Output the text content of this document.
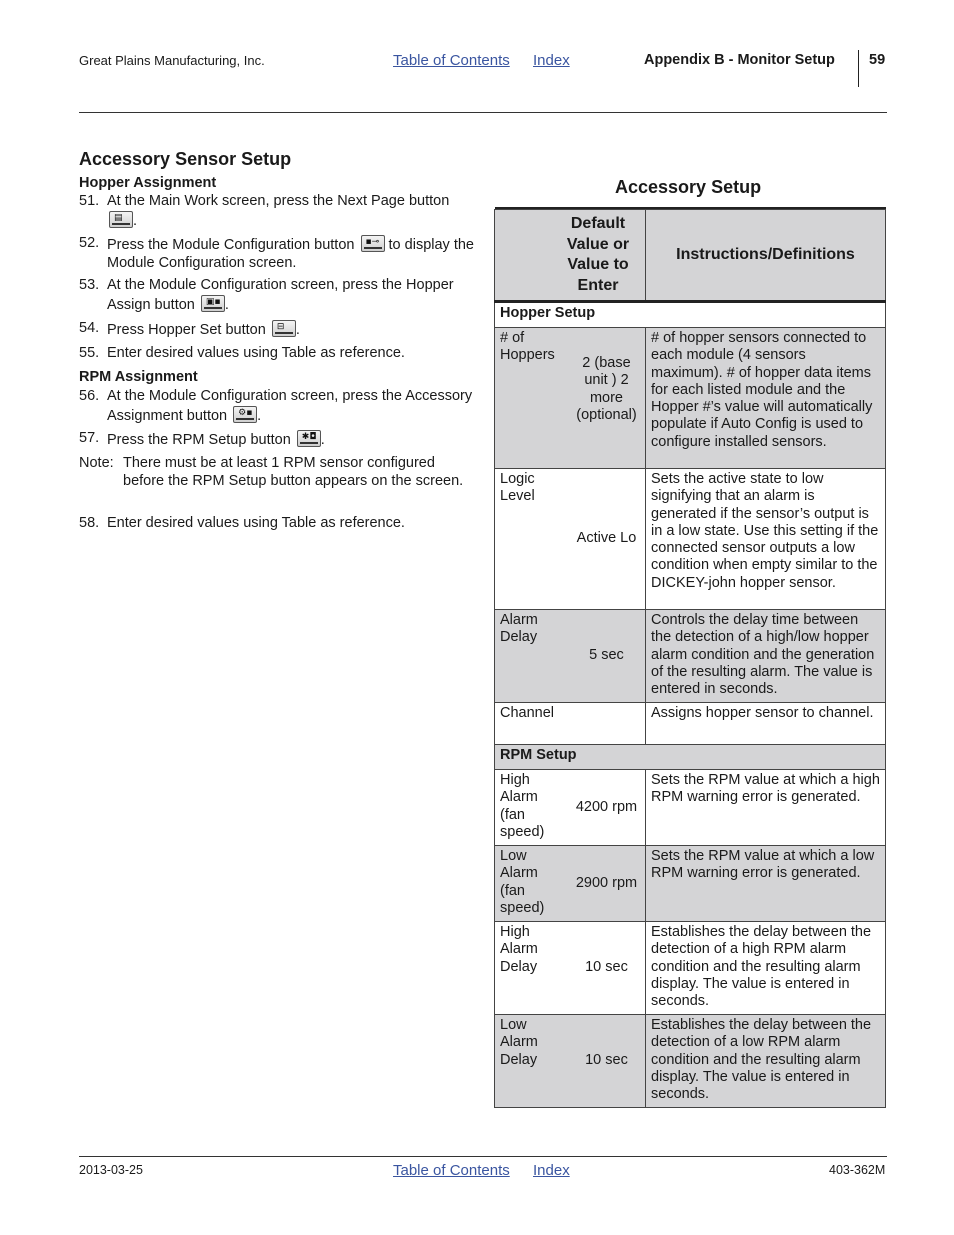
Great Plains Manufacturing, Inc.	Table of Contents Index	Appendix B - Monitor Setup 59
Accessory Sensor Setup
Hopper Assignment
51. At the Main Work screen, press the Next Page button
▤ .
52. Press the Module Configuration button ▪⊸ to display the Module Configuration screen.
53. At the Module Configuration screen, press the Hopper Assign button ▣▪ .
54. Press Hopper Set button ⊟ .
55. Enter desired values using Table as reference.
RPM Assignment
56. At the Module Configuration screen, press the Accessory Assignment button ⚙▪ .
57. Press the RPM Setup button ✱◘ .
Note: There must be at least 1 RPM sensor configured before the RPM Setup button appears on the screen.
58. Enter desired values using Table as reference.
Accessory Setup
Default Value or Value to Enter		Instructions/Definitions
Hopper Setup		
# of Hoppers	2 (base unit ) 2 more (optional)	# of hopper sensors connected to each module (4 sensors maximum). # of hopper data items for each listed module and the Hopper #’s value will automatically populate if Auto Config is used to configure installed sensors.
Logic Level	Active Lo	Sets the active state to low signifying that an alarm is generated if the sensor’s output is in a low state. Use this setting if the connected sensor outputs a low condition when empty similar to the DICKEY-john hopper sensor.
Alarm Delay	5 sec	Controls the delay time between the detection of a high/low hopper alarm condition and the generation of the resulting alarm. The value is entered in seconds.
Channel		Assigns hopper sensor to channel.
RPM Setup		
High Alarm (fan speed)	4200 rpm	Sets the RPM value at which a high RPM warning error is generated.
Low Alarm (fan speed)	2900 rpm	Sets the RPM value at which a low RPM warning error is generated.
High Alarm Delay	10 sec	Establishes the delay between the detection of a high RPM alarm condition and the resulting alarm display. The value is entered in seconds.
Low Alarm Delay	10 sec	Establishes the delay between the detection of a low RPM alarm condition and the resulting alarm display. The value is entered in seconds.
2013-03-25	Table of Contents Index	403-362M
